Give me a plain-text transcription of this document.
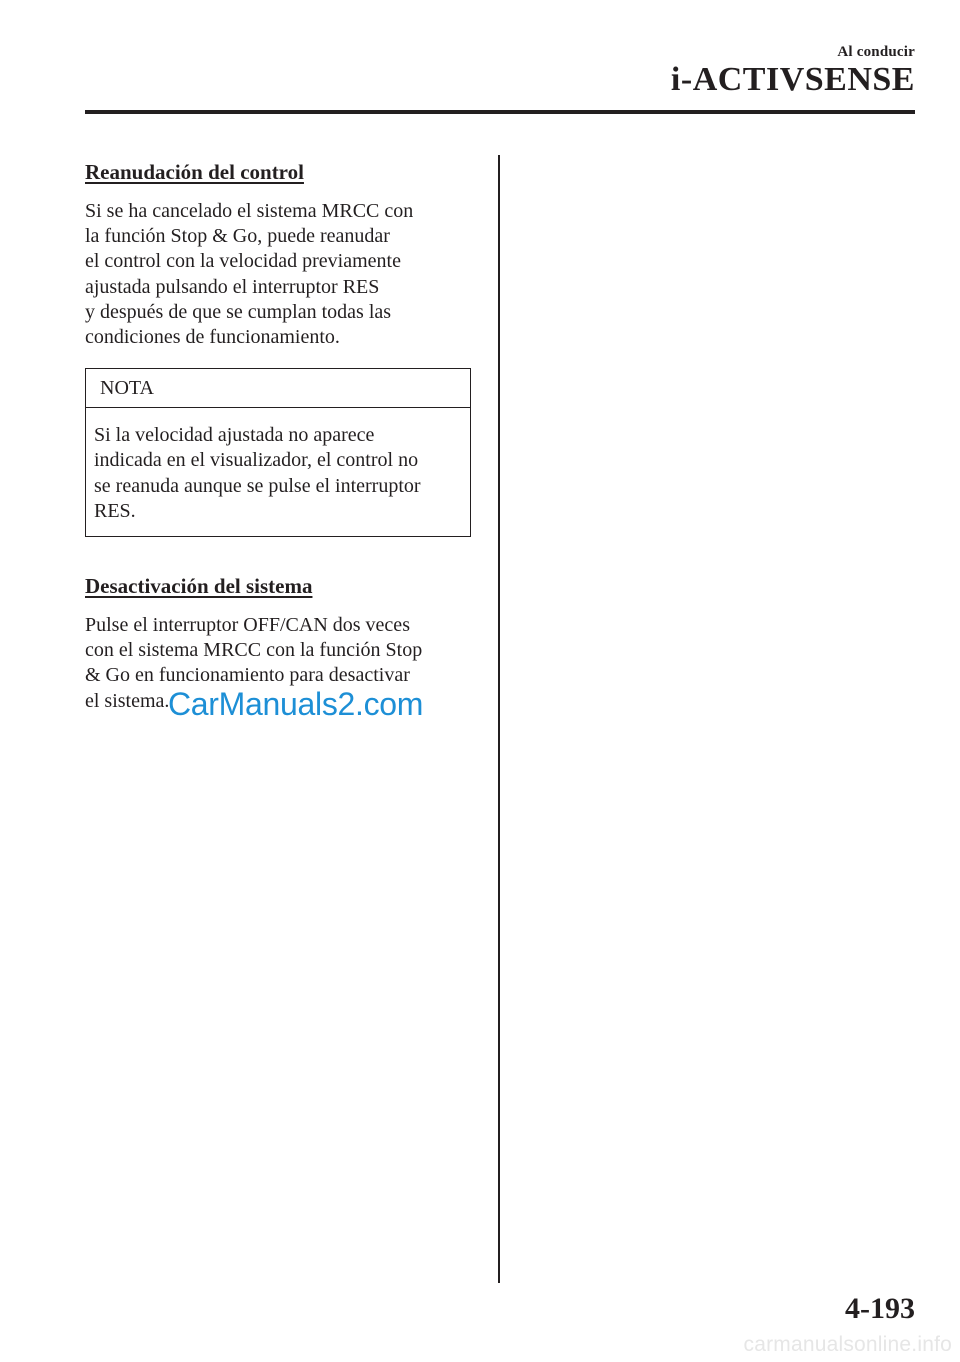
Al conducir
i-ACTIVSENSE
Reanudación del control

Si se ha cancelado el sistema MRCC con
la función Stop & Go, puede reanudar
el control con la velocidad previamente
ajustada pulsando el interruptor RES
y después de que se cumplan todas las
condiciones de funcionamiento.

NOTA
Si la velocidad ajustada no aparece
indicada en el visualizador, el control no
se reanuda aunque se pulse el interruptor
RES.
Desactivación del sistema

Pulse el interruptor OFF/CAN dos veces
con el sistema MRCC con la función Stop
& Go en funcionamiento para desactivar
el sistema.

CarManuals2.com
4-193
carmanualsonline.info
